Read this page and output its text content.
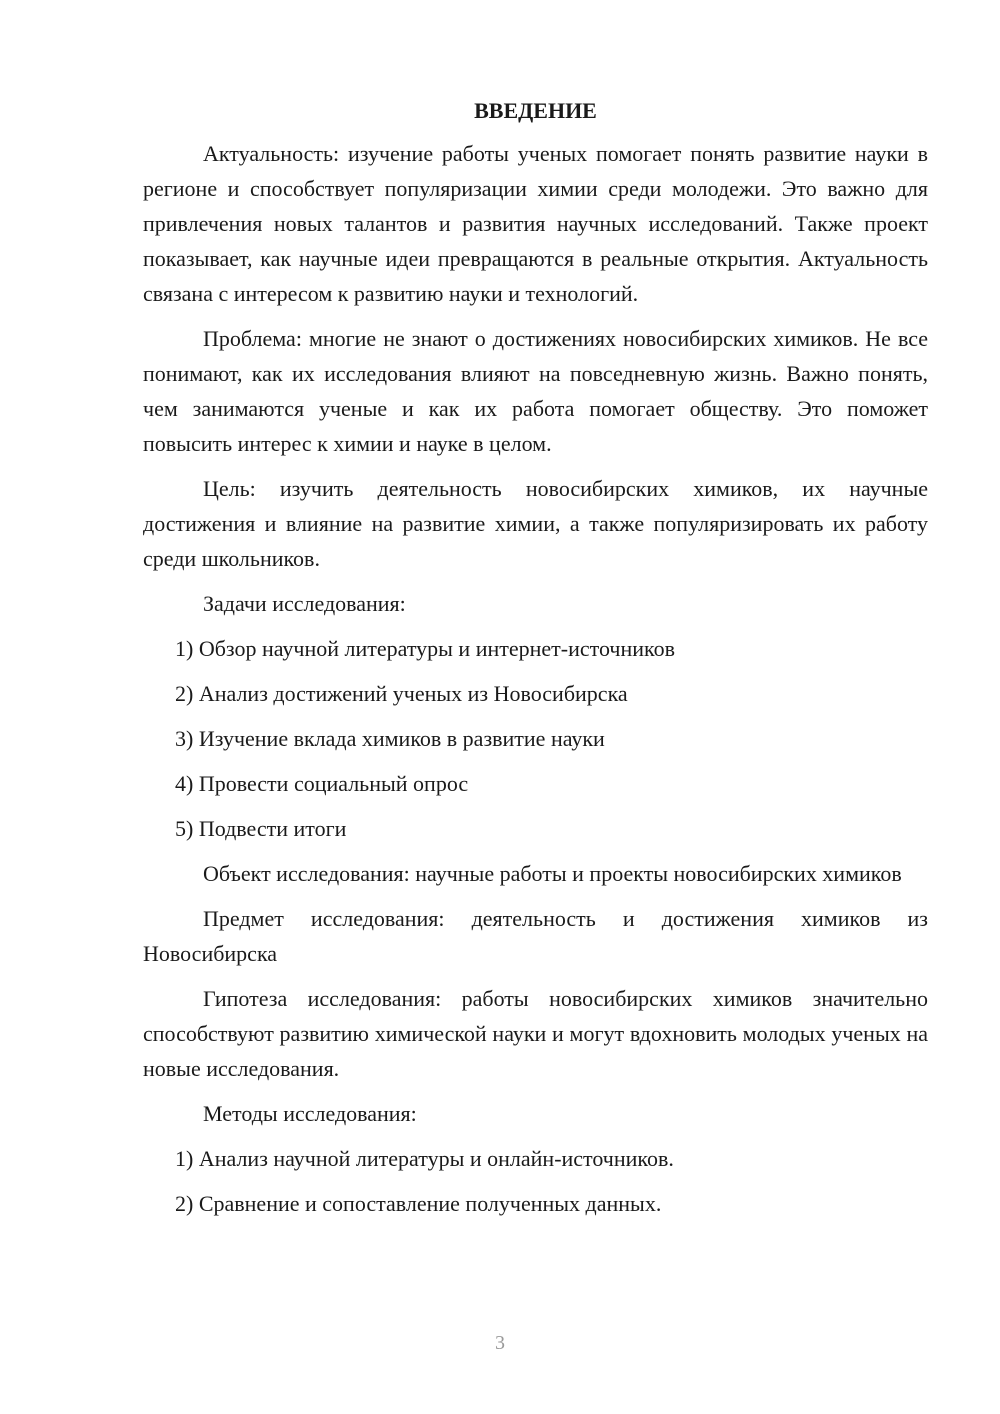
ВВЕДЕНИЕ

Актуальность: изучение работы ученых помогает понять развитие науки в регионе и способствует популяризации химии среди молодежи. Это важно для привлечения новых талантов и развития научных исследований. Также проект показывает, как научные идеи превращаются в реальные открытия. Актуальность связана с интересом к развитию науки и технологий.

Проблема: многие не знают о достижениях новосибирских химиков. Не все понимают, как их исследования влияют на повседневную жизнь. Важно понять, чем занимаются ученые и как их работа помогает обществу. Это поможет повысить интерес к химии и науке в целом.

Цель: изучить деятельность новосибирских химиков, их научные достижения и влияние на развитие химии, а также популяризировать их работу среди школьников.

Задачи исследования:
1) Обзор научной литературы и интернет-источников
2) Анализ достижений ученых из Новосибирска
3) Изучение вклада химиков в развитие науки
4) Провести социальный опрос
5) Подвести итоги

Объект исследования: научные работы и проекты новосибирских химиков

Предмет исследования: деятельность и достижения химиков из Новосибирска

Гипотеза исследования: работы новосибирских химиков значительно способствуют развитию химической науки и могут вдохновить молодых ученых на новые исследования.

Методы исследования:
1) Анализ научной литературы и онлайн-источников.
2) Сравнение и сопоставление полученных данных.
3
